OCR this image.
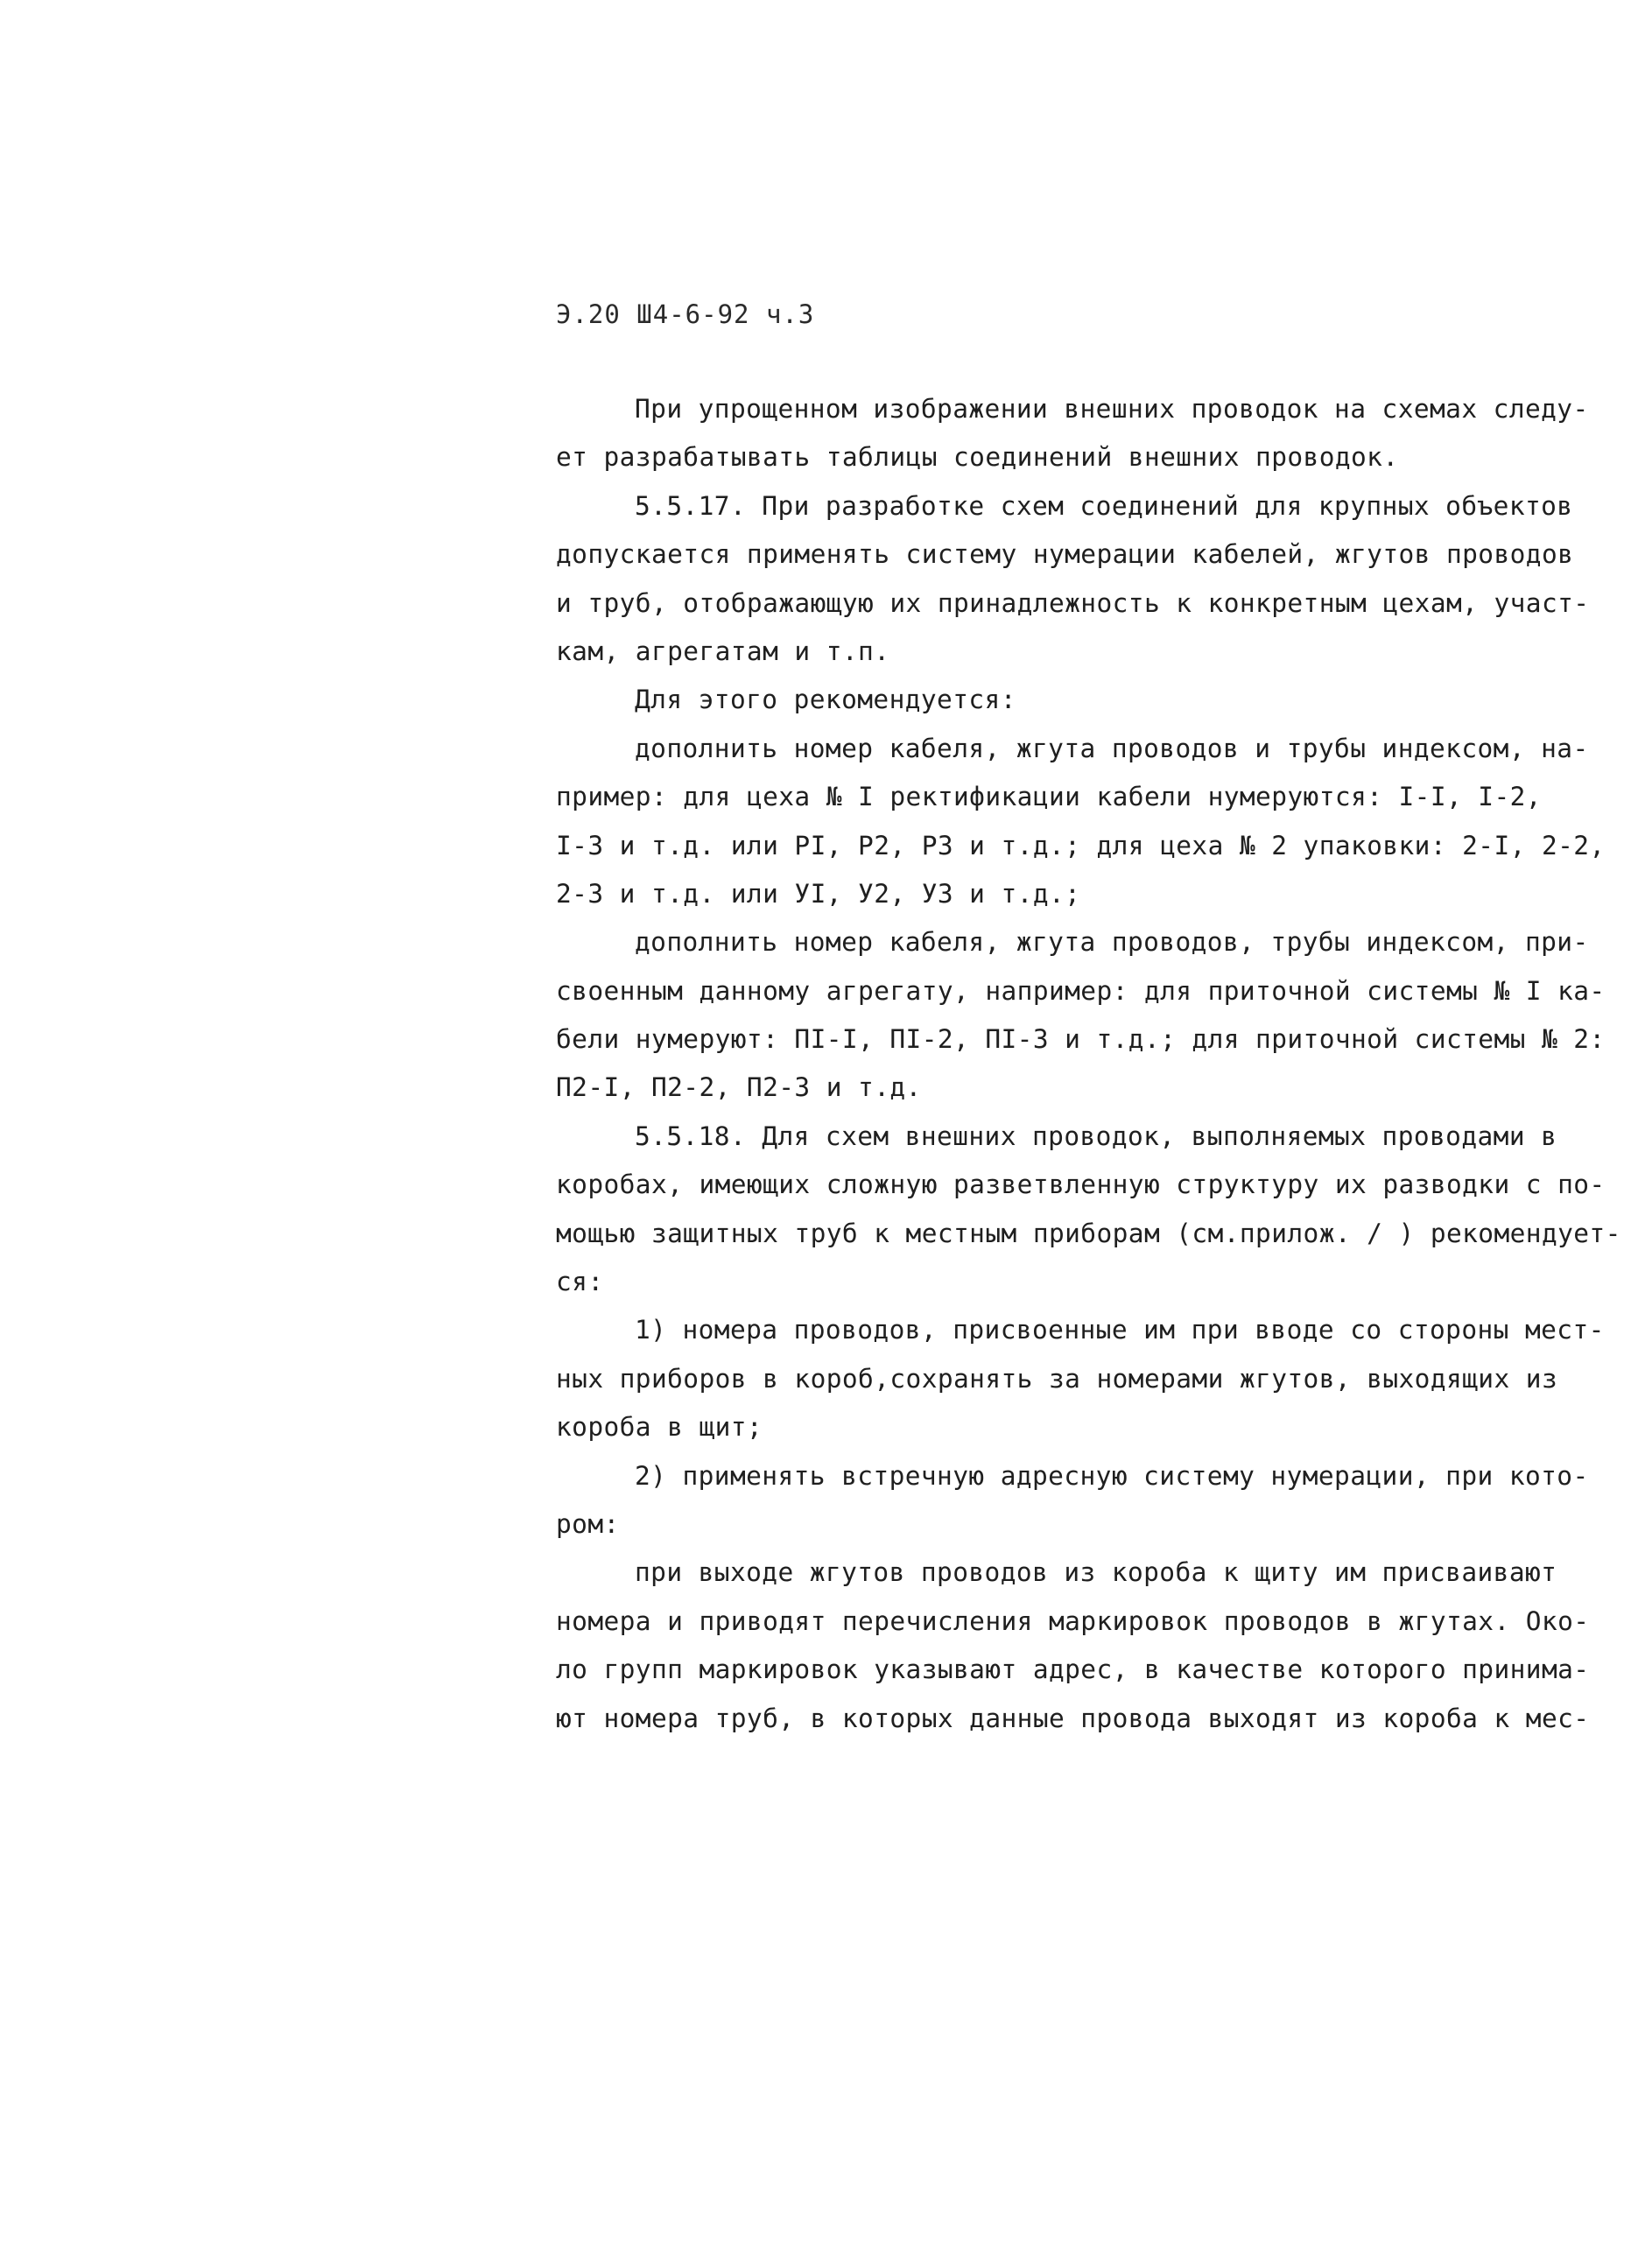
Э.20 Ш4-6-92 ч.3
При упрощенном изображении внешних проводок на схемах следу-
ет разрабатывать таблицы соединений внешних проводок.
5.5.17. При разработке схем соединений для крупных объектов
допускается применять систему нумерации кабелей, жгутов проводов
и труб, отображающую их принадлежность к конкретным цехам, участ-
кам, агрегатам и т.п.
Для этого рекомендуется:
дополнить номер кабеля, жгута проводов и трубы индексом, на-
пример: для цеха № I ректификации кабели нумеруются: I-I, I-2,
I-3 и т.д. или РI, Р2, Р3 и т.д.; для цеха № 2 упаковки: 2-I, 2-2,
2-3 и т.д. или УI, У2, У3 и т.д.;
дополнить номер кабеля, жгута проводов, трубы индексом, при-
своенным данному агрегату, например: для приточной системы № I ка-
бели нумеруют: ПI-I, ПI-2, ПI-3 и т.д.; для приточной системы № 2:
П2-I, П2-2, П2-3 и т.д.
5.5.18. Для схем внешних проводок, выполняемых проводами в
коробах, имеющих сложную разветвленную структуру их разводки с по-
мощью защитных труб к местным приборам (см.прилож. / ) рекомендует-
ся:
1) номера проводов, присвоенные им при вводе со стороны мест-
ных приборов в короб,сохранять за номерами жгутов, выходящих из
короба в щит;
2) применять встречную адресную систему нумерации, при кото-
ром:
при выходе жгутов проводов из короба к щиту им присваивают
номера и приводят перечисления маркировок проводов в жгутах. Око-
ло групп маркировок указывают адрес, в качестве которого принима-
ют номера труб, в которых данные провода выходят из короба к мес-
